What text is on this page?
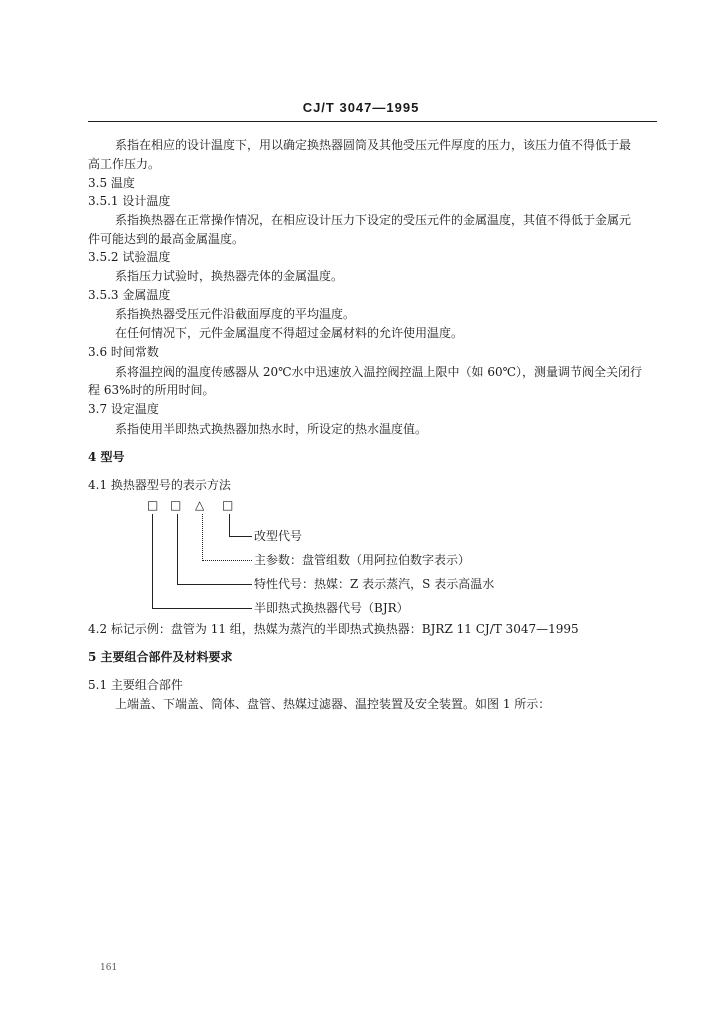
CJ/T 3047—1995
系指在相应的设计温度下，用以确定换热器圆筒及其他受压元件厚度的压力，该压力值不得低于最
高工作压力。
3.5 温度
3.5.1 设计温度
系指换热器在正常操作情况，在相应设计压力下设定的受压元件的金属温度，其值不得低于金属元
件可能达到的最高金属温度。
3.5.2 试验温度
系指压力试验时，换热器壳体的金属温度。
3.5.3 金属温度
系指换热器受压元件沿截面厚度的平均温度。
在任何情况下，元件金属温度不得超过金属材料的允许使用温度。
3.6 时间常数
系将温控阀的温度传感器从 20℃水中迅速放入温控阀控温上限中（如 60℃），测量调节阀全关闭行
程 63%时的所用时间。
3.7 设定温度
系指使用半即热式换热器加热水时，所设定的热水温度值。
4 型号
4.1 换热器型号的表示方法
□ □ △ □
改型代号
主参数：盘管组数（用阿拉伯数字表示）
特性代号：热媒：Z 表示蒸汽，S 表示高温水
半即热式换热器代号（BJR）
4.2 标记示例：盘管为 11 组，热媒为蒸汽的半即热式换热器：BJRZ 11 CJ/T 3047—1995
5 主要组合部件及材料要求
5.1 主要组合部件
上端盖、下端盖、筒体、盘管、热媒过滤器、温控装置及安全装置。如图 1 所示：
161
